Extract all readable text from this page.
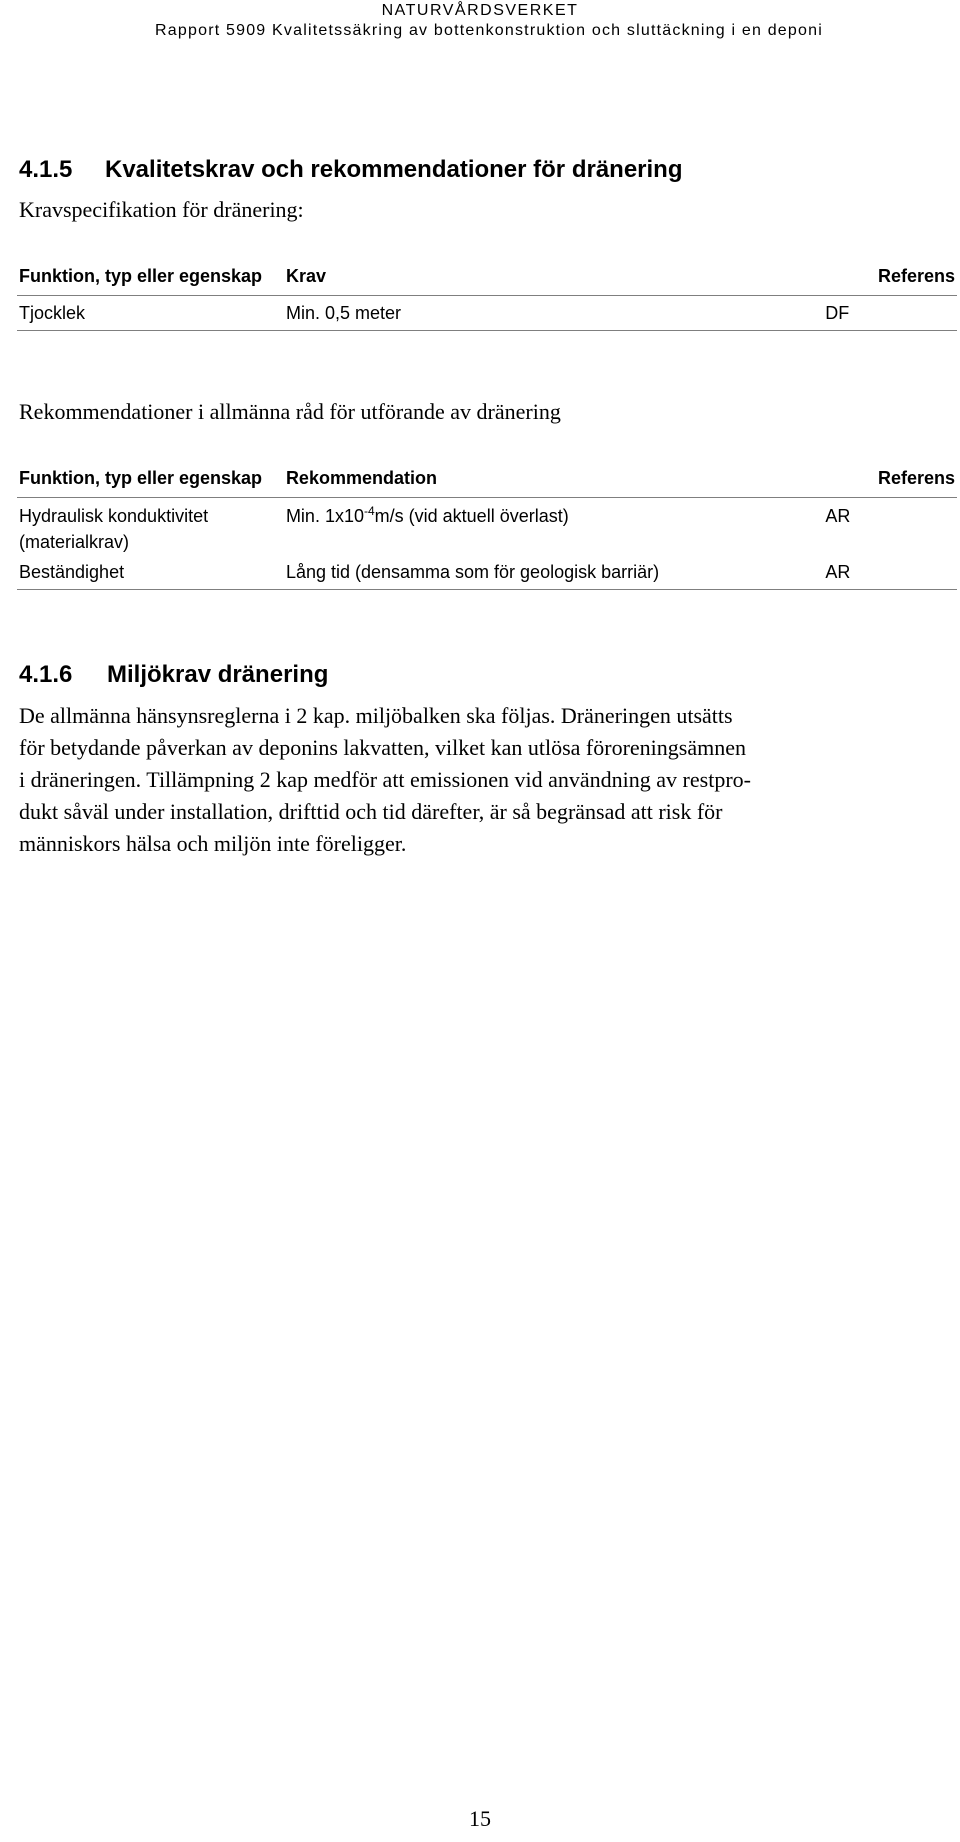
NATURVÅRDSVERKET
Rapport 5909 Kvalitetssäkring av bottenkonstruktion och sluttäckning i en deponi
4.1.5 Kvalitetskrav och rekommendationer för dränering

Kravspecifikation för dränering:

Funktion, typ eller egenskap	Krav	Referens
Tjocklek	Min. 0,5 meter	DF

Rekommendationer i allmänna råd för utförande av dränering

Funktion, typ eller egenskap	Rekommendation	Referens
Hydraulisk konduktivitet
(materialkrav)	Min. $1x10^{-4}m/s$ (vid aktuell överlast)	AR
Beständighet	Lång tid (densamma som för geologisk barriär)	AR
4.1.6 Miljökrav dränering
De allmänna hänsynsreglerna i 2 kap. miljöbalken ska följas. Dräneringen utsätts
för betydande påverkan av deponins lakvatten, vilket kan utlösa föroreningsämnen
i dräneringen. Tillämpning 2 kap medför att emissionen vid användning av restpro-
dukt såväl under installation, drifttid och tid därefter, är så begränsad att risk för
människors hälsa och miljön inte föreligger.
15
